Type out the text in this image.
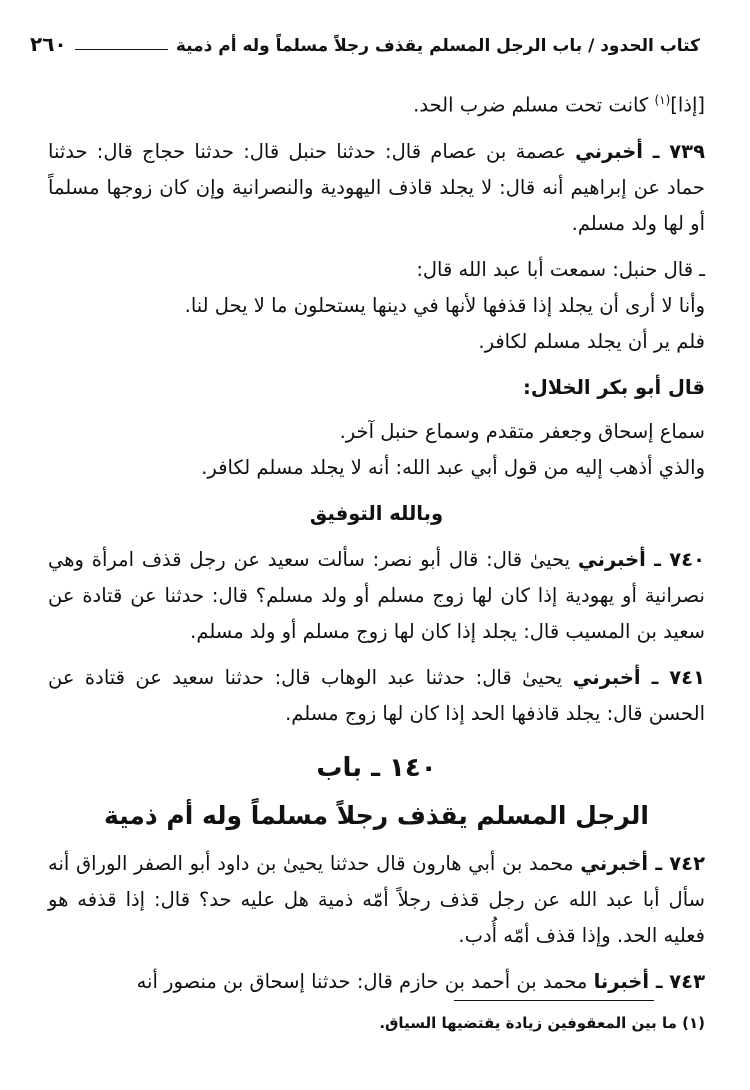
كتاب الحدود / باب الرجل المسلم يقذف رجلاً مسلماً وله أم ذمية
٢٦٠

[إذا]$^{(١)}$ كانت تحت مسلم ضرب الحد.

٧٣٩ ـ أخبرني عصمة بن عصام قال: حدثنا حنبل قال: حدثنا حجاج قال: حدثنا حماد عن إبراهيم أنه قال: لا يجلد قاذف اليهودية والنصرانية وإن كان زوجها مسلماً أو لها ولد مسلم.

ـ قال حنبل: سمعت أبا عبد الله قال:
وأنا لا أرى أن يجلد إذا قذفها لأنها في دينها يستحلون ما لا يحل لنا.
فلم ير أن يجلد مسلم لكافر.
قال أبو بكر الخلال:
سماع إسحاق وجعفر متقدم وسماع حنبل آخر.
والذي أذهب إليه من قول أبي عبد الله: أنه لا يجلد مسلم لكافر.
وبالله التوفيق

٧٤٠ ـ أخبرني يحيىٰ قال: قال أبو نصر: سألت سعيد عن رجل قذف امرأة وهي نصرانية أو يهودية إذا كان لها زوج مسلم أو ولد مسلم؟ قال: حدثنا عن قتادة عن سعيد بن المسيب قال: يجلد إذا كان لها زوج مسلم أو ولد مسلم.

٧٤١ ـ أخبرني يحيىٰ قال: حدثنا عبد الوهاب قال: حدثنا سعيد عن قتادة عن الحسن قال: يجلد قاذفها الحد إذا كان لها زوج مسلم.

١٤٠ ـ باب
الرجل المسلم يقذف رجلاً مسلماً وله أم ذمية

٧٤٢ ـ أخبرني محمد بن أبي هارون قال حدثنا يحيىٰ بن داود أبو الصفر الوراق أنه سأل أبا عبد الله عن رجل قذف رجلاً أمّه ذمية هل عليه حد؟ قال: إذا قذفه هو فعليه الحد. وإذا قذف أمّه أُدب.

٧٤٣ ـ أخبرنا محمد بن أحمد بن حازم قال: حدثنا إسحاق بن منصور أنه

(١) ما بين المعقوفين زيادة يقتضيها السياق.
